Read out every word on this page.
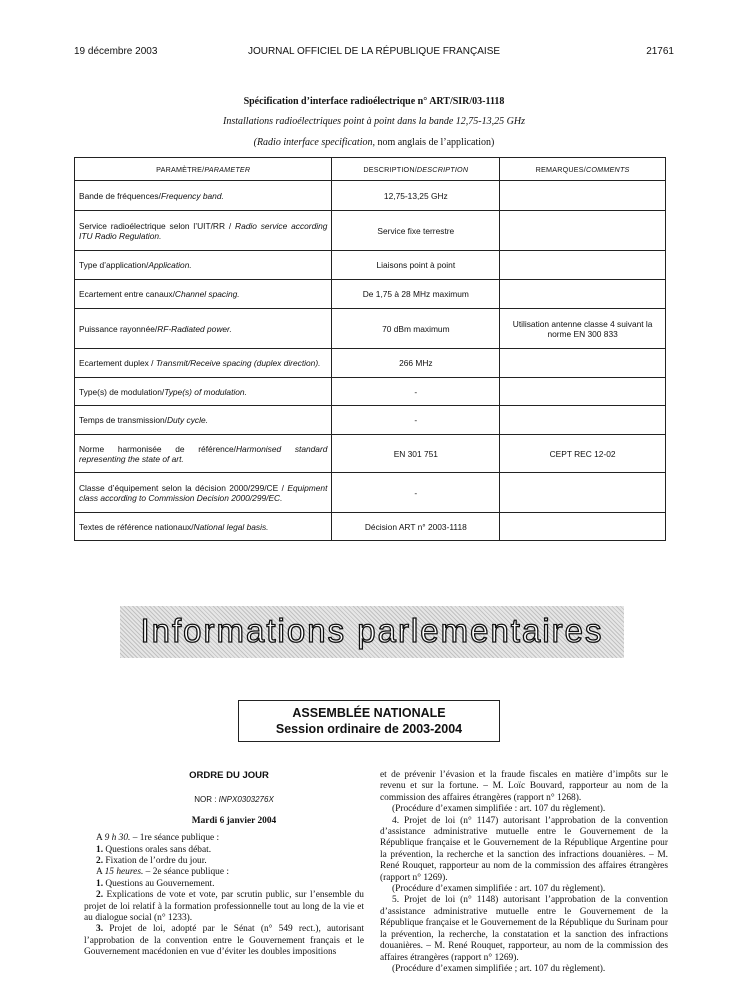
19 décembre 2003	JOURNAL OFFICIEL DE LA RÉPUBLIQUE FRANÇAISE	21761
Spécification d’interface radioélectrique n° ART/SIR/03-1118
Installations radioélectriques point à point dans la bande 12,75-13,25 GHz
(Radio interface specification, nom anglais de l’application)
PARAMÈTRE/PARAMETER	DESCRIPTION/DESCRIPTION	REMARQUES/COMMENTS
Bande de fréquences/Frequency band.	12,75-13,25 GHz	
Service radioélectrique selon l’UIT/RR / Radio service according ITU Radio Regulation.	Service fixe terrestre	
Type d’application/Application.	Liaisons point à point	
Ecartement entre canaux/Channel spacing.	De 1,75 à 28 MHz maximum	
Puissance rayonnée/RF-Radiated power.	70 dBm maximum	Utilisation antenne classe 4 suivant la norme EN 300 833
Ecartement duplex / Transmit/Receive spacing (duplex direction).	266 MHz	
Type(s) de modulation/Type(s) of modulation.	-	
Temps de transmission/Duty cycle.	-	
Norme harmonisée de référence/Harmonised standard representing the state of art.	EN 301 751	CEPT REC 12-02
Classe d’équipement selon la décision 2000/299/CE / Equipment class according to Commission Decision 2000/299/EC.	-	
Textes de référence nationaux/National legal basis.	Décision ART n° 2003-1118	
Informations parlementaires
ASSEMBLÉE NATIONALE
Session ordinaire de 2003-2004
ORDRE DU JOUR
NOR : INPX0303276X
Mardi 6 janvier 2004

A 9 h 30. – 1re séance publique :

1. Questions orales sans débat.

2. Fixation de l’ordre du jour.

A 15 heures. – 2e séance publique :

1. Questions au Gouvernement.

2. Explications de vote et vote, par scrutin public, sur l’ensemble du projet de loi relatif à la formation professionnelle tout au long de la vie et au dialogue social (n° 1233).

3. Projet de loi, adopté par le Sénat (n° 549 rect.), autorisant l’approbation de la convention entre le Gouvernement français et le Gouvernement macédonien en vue d’éviter les doubles impositions

et de prévenir l’évasion et la fraude fiscales en matière d’impôts sur le revenu et sur la fortune. – M. Loïc Bouvard, rapporteur au nom de la commission des affaires étrangères (rapport n° 1268).

(Procédure d’examen simplifiée : art. 107 du règlement).

4. Projet de loi (n° 1147) autorisant l’approbation de la convention d’assistance administrative mutuelle entre le Gouvernement de la République française et le Gouvernement de la République Argentine pour la prévention, la recherche et la sanction des infractions douanières. – M. René Rouquet, rapporteur au nom de la commission des affaires étrangères (rapport n° 1269).

(Procédure d’examen simplifiée : art. 107 du règlement).

5. Projet de loi (n° 1148) autorisant l’approbation de la convention d’assistance administrative mutuelle entre le Gouvernement de la République française et le Gouvernement de la République du Surinam pour la prévention, la recherche, la constatation et la sanction des infractions douanières. – M. René Rouquet, rapporteur, au nom de la commission des affaires étrangères (rapport n° 1269).

(Procédure d’examen simplifiée ; art. 107 du règlement).
